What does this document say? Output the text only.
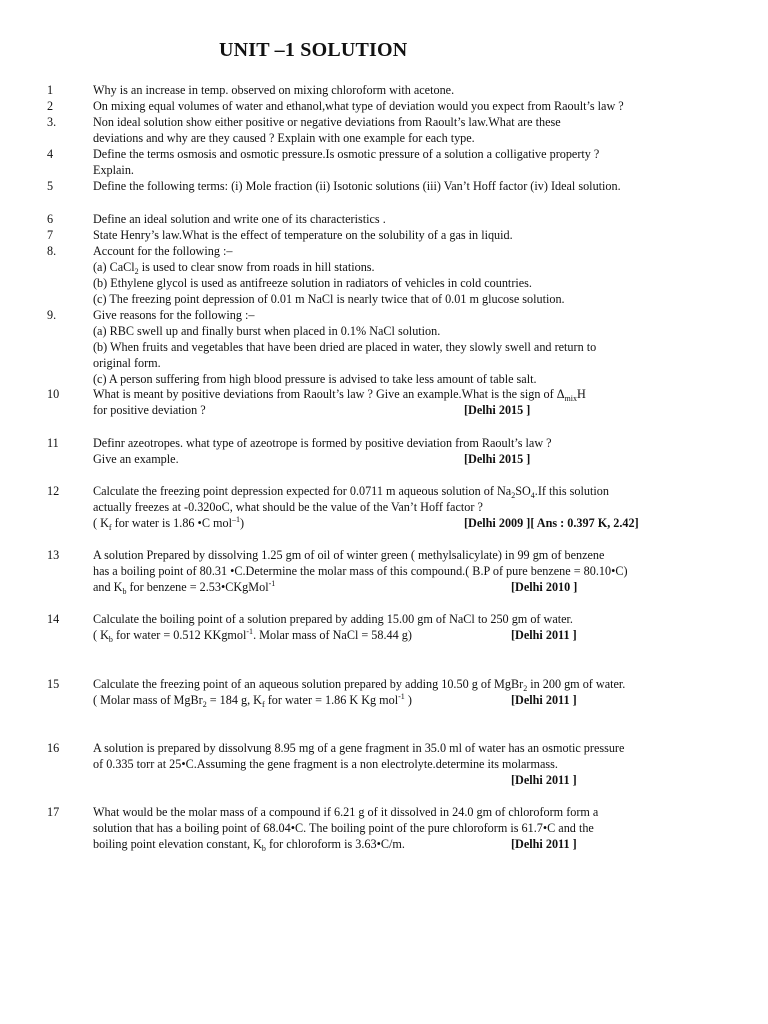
UNIT –1 SOLUTION
1	Why is an increase in temp. observed on mixing chloroform with acetone.
2	On mixing equal volumes of water and ethanol,what type of deviation would you expect from Raoult’s law ?
3.	Non ideal solution show either positive or negative deviations from Raoult’s law.What are these
deviations and why are they caused ? Explain with one example for each type.
4	Define the terms osmosis and osmotic pressure.Is osmotic pressure of a solution a colligative property ?
Explain.
5	Define the following terms: (i) Mole fraction (ii) Isotonic solutions (iii) Van’t Hoff factor (iv) Ideal solution.
6	Define an ideal solution and write one of its characteristics .
7	State Henry’s law.What is the effect of temperature on the solubility of a gas in liquid.
8.	Account for the following :–
(a) CaCl$_2$ is used to clear snow from roads in hill stations.
(b) Ethylene glycol is used as antifreeze solution in radiators of vehicles in cold countries.
(c) The freezing point depression of 0.01 m NaCl is nearly twice that of 0.01 m glucose solution.
9.	Give reasons for the following :–
(a) RBC swell up and finally burst when placed in 0.1% NaCl solution.
(b) When fruits and vegetables that have been dried are placed in water, they slowly swell and return to
original form.
(c) A person suffering from high blood pressure is advised to take less amount of table salt.
10	What is meant by positive deviations from Raoult’s law ? Give an example.What is the sign of $\Delta_{mix}H$
for positive deviation ?	[Delhi 2015 ]
11	Definr azeotropes. what type of azeotrope is formed by positive deviation from Raoult’s law ?
Give an example.	[Delhi 2015 ]
12	Calculate the freezing point depression expected for 0.0711 m aqueous solution of $Na_2SO_4.If$ this solution
actually freezes at -0.320oC, what should be the value of the Van’t Hoff factor ?
( $K_f$ for water is 1.86 •C mol$^{-1}$)	[Delhi 2009 ][ Ans : 0.397 K, 2.42]
13	A solution Prepared by dissolving 1.25 gm of oil of winter green ( methylsalicylate) in 99 gm of benzene
has a boiling point of 80.31 •C.Determine the molar mass of this compound.( B.P of pure benzene = 80.10•C)
and $K_b$ for benzene = 2.53•CKgMol$^{-1}$	[Delhi 2010 ]
14	Calculate the boiling point of a solution prepared by adding 15.00 gm of NaCl to 250 gm of water.
( $K_b$ for water = 0.512 KKgmol$^{-1}$. Molar mass of NaCl = 58.44 g)	[Delhi 2011 ]
15	Calculate the freezing point of an aqueous solution prepared by adding 10.50 g of MgBr$_2$ in 200 gm of water.
( Molar mass of MgBr$_2$ = 184 g, $K_f$ for water = 1.86 K Kg mol$^{-1}$ )	[Delhi 2011 ]
16	A solution is prepared by dissolvung 8.95 mg of a gene fragment in 35.0 ml of water has an osmotic pressure
of 0.335 torr at 25•C.Assuming the gene fragment is a non electrolyte.determine its molarmass.

[Delhi 2011 ]
17	What would be the molar mass of a compound if 6.21 g of it dissolved in 24.0 gm of chloroform form a
solution that has a boiling point of 68.04•C. The boiling point of the pure chloroform is 61.7•C and the
boiling point elevation constant, $K_b$ for chloroform is 3.63•C/m.	[Delhi 2011 ]
